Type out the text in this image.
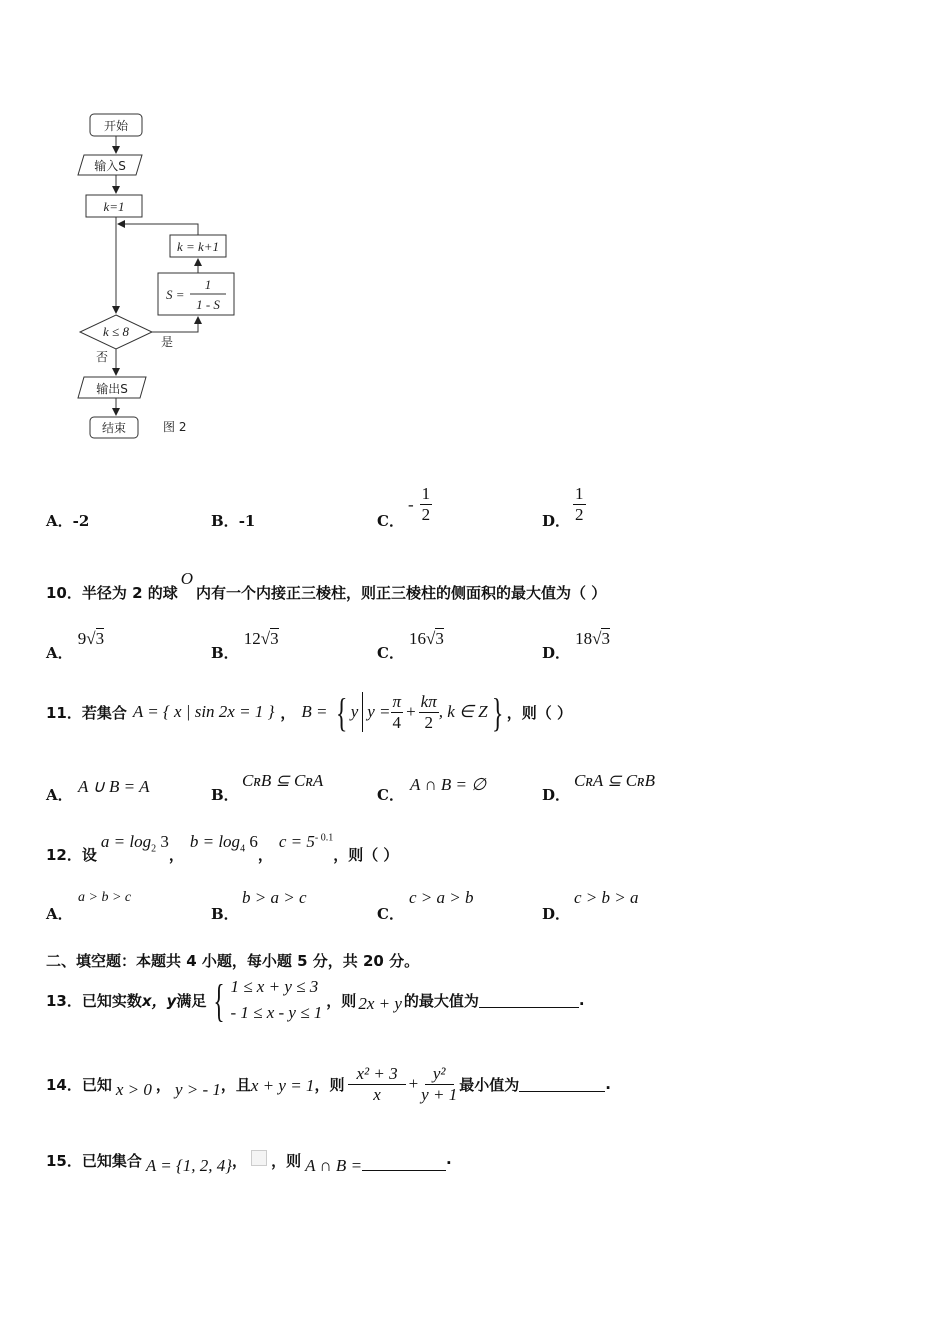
开始
输入S
k=1
k = k+1
S =
1
1 - S
k ≤ 8
是
否
输出S
结束	图 2
A．-2	B．-1	C．
- $\frac{1}{2}$	D． $\frac{1}{2}$
10．半径为 2 的球O内有一个内接正三棱柱，则正三棱柱的侧面积的最大值为（ ）
A． 9√3
B． 12√3
C． 16√3
D． 18√3
11． 若集合 A = { x | sin 2x = 1 } ， B = { y $y = \frac{\pi}{4} + \frac{k\pi}{2}$ , k ∈ Z } ，则（ ）
A． A ∪ B = A	B．
CʀB ⊆ CʀA
C．
A ∩ B = ∅
D．
CʀA ⊆ CʀB
12． 设
$a = \log_2 3$
，
$b = \log_4 6$
，
$c = 5^{- 0.1}$
，则（ ）
A．
a > b > c
B．
b > a > c
C．
c > a > b
D．
c > b > a
二、填空题：本题共 4 小题，每小题 5 分，共 20 分。
13． 已知实数 x，y 满足 { 1 ≤ x + y ≤ 3
- 1 ≤ x - y ≤ 1
，则 2x + y 的最大值为	.
14． 已知 x > 0 ， y > - 1 ，且 x + y = 1 ，则
x² + 3
x
+ $\frac{\text{y²}}{y + 1}$ 最小值为	.
15． 已知集合 A = {1, 2, 4} ， ，则 A ∩ B =	.
